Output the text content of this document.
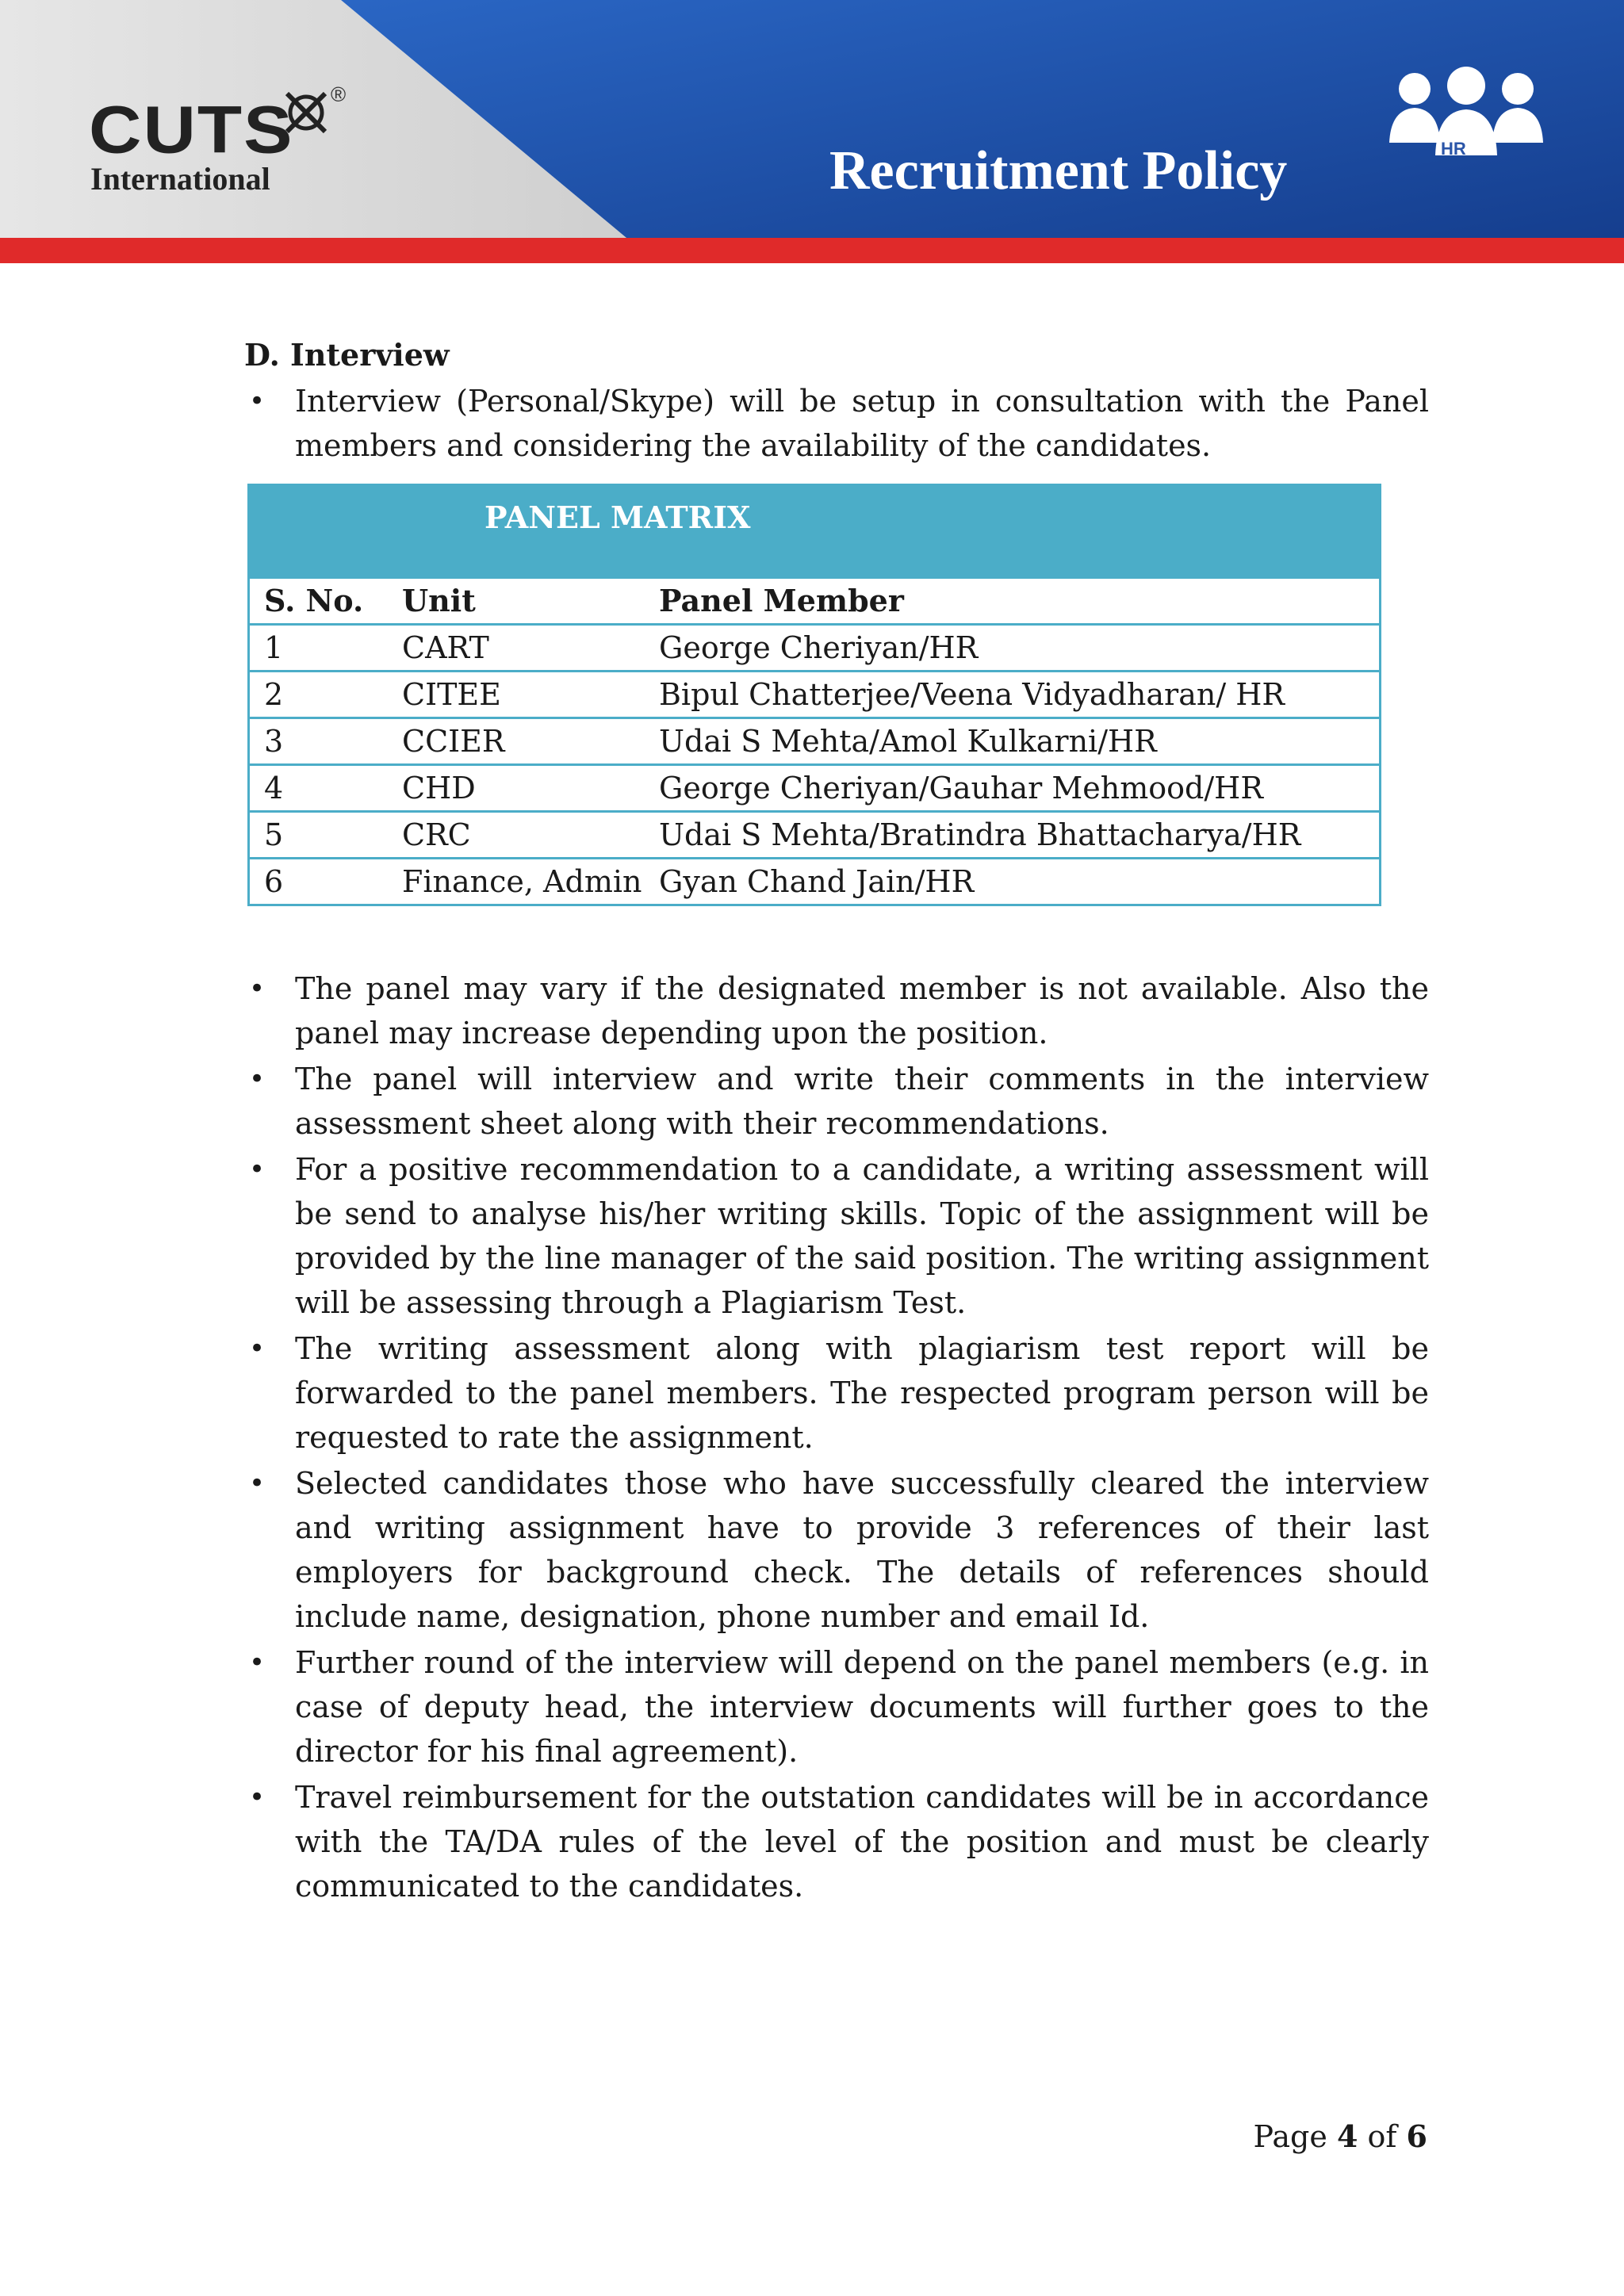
CUTS ®
International	Recruitment Policy	HR
D. Interview
• Interview (Personal/Skype) will be setup in consultation with the Panel members and considering the availability of the candidates.
PANEL MATRIX
S. No.	Unit	Panel Member
1	CART	George Cheriyan/HR
2	CITEE	Bipul Chatterjee/Veena Vidyadharan/ HR
3	CCIER	Udai S Mehta/Amol Kulkarni/HR
4	CHD	George Cheriyan/Gauhar Mehmood/HR
5	CRC	Udai S Mehta/Bratindra Bhattacharya/HR
6	Finance, Admin	Gyan Chand Jain/HR
• The panel may vary if the designated member is not available. Also the panel may increase depending upon the position.
• The panel will interview and write their comments in the interview assessment sheet along with their recommendations.
• For a positive recommendation to a candidate, a writing assessment will be send to analyse his/her writing skills. Topic of the assignment will be provided by the line manager of the said position. The writing assignment will be assessing through a Plagiarism Test.
• The writing assessment along with plagiarism test report will be forwarded to the panel members. The respected program person will be requested to rate the assignment.
• Selected candidates those who have successfully cleared the interview and writing assignment have to provide 3 references of their last employers for background check. The details of references should include name, designation, phone number and email Id.
• Further round of the interview will depend on the panel members (e.g. in case of deputy head, the interview documents will further goes to the director for his final agreement).
• Travel reimbursement for the outstation candidates will be in accordance with the TA/DA rules of the level of the position and must be clearly communicated to the candidates.
Page 4 of 6
